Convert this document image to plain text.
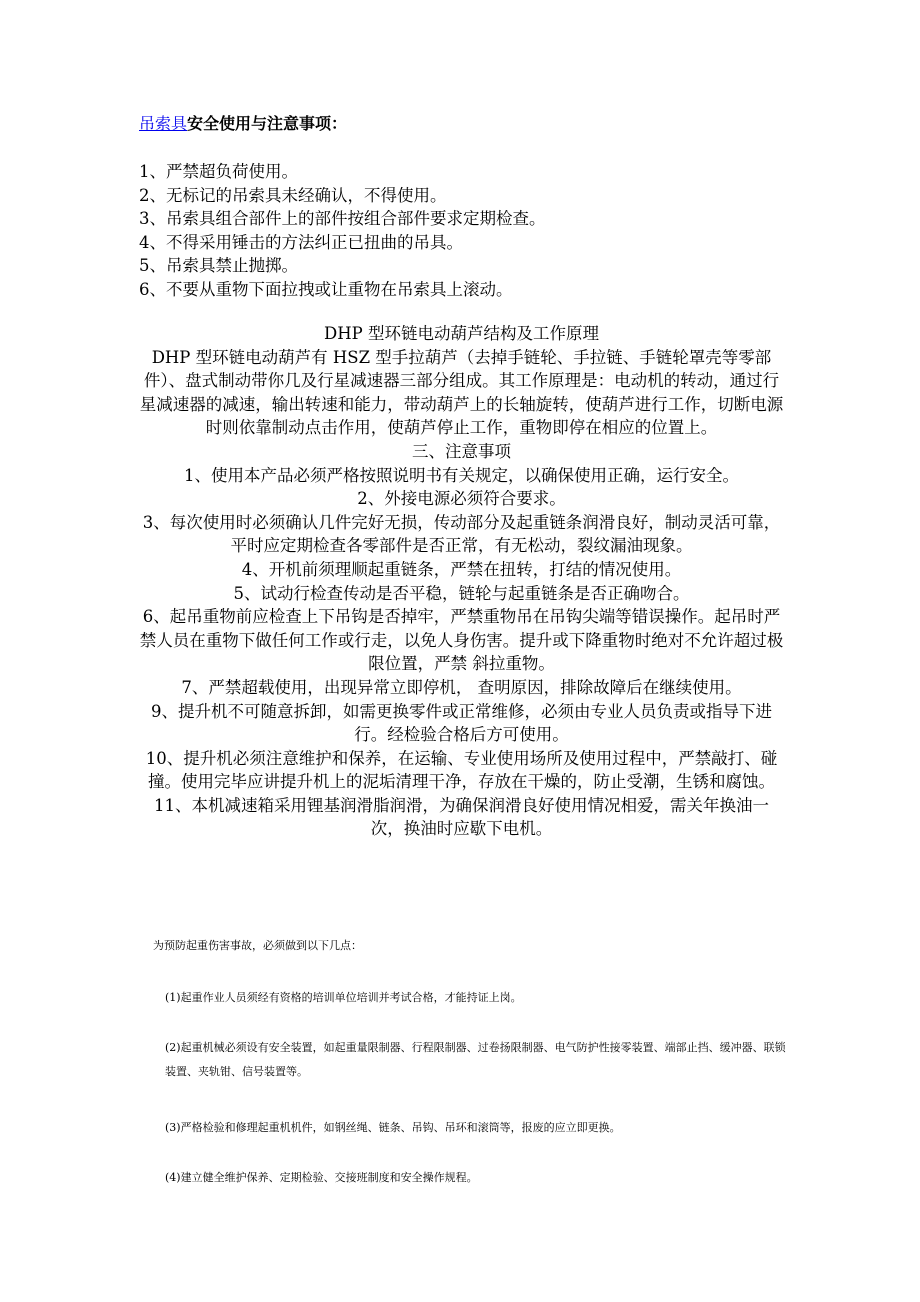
吊索具安全使用与注意事项：
1、严禁超负荷使用。
2、无标记的吊索具未经确认，不得使用。
3、吊索具组合部件上的部件按组合部件要求定期检查。
4、不得采用锤击的方法纠正已扭曲的吊具。
5、吊索具禁止抛掷。
6、不要从重物下面拉拽或让重物在吊索具上滚动。
DHP 型环链电动葫芦结构及工作原理
DHP 型环链电动葫芦有 HSZ 型手拉葫芦（去掉手链轮、手拉链、手链轮罩壳等零部件）、盘式制动带你几及行星减速器三部分组成。其工作原理是：电动机的转动，通过行星减速器的减速，输出转速和能力，带动葫芦上的长轴旋转，使葫芦进行工作，切断电源时则依靠制动点击作用，使葫芦停止工作，重物即停在相应的位置上。
三、注意事项
1、使用本产品必须严格按照说明书有关规定，以确保使用正确，运行安全。
2、外接电源必须符合要求。
3、每次使用时必须确认几件完好无损，传动部分及起重链条润滑良好，制动灵活可靠，平时应定期检查各零部件是否正常，有无松动，裂纹漏油现象。
4、开机前须理顺起重链条，严禁在扭转，打结的情况使用。
5、试动行检查传动是否平稳，链轮与起重链条是否正确吻合。
6、起吊重物前应检查上下吊钩是否掉牢，严禁重物吊在吊钩尖端等错误操作。起吊时严禁人员在重物下做任何工作或行走，以免人身伤害。提升或下降重物时绝对不允许超过极限位置，严禁 斜拉重物。
7、严禁超载使用，出现异常立即停机， 查明原因，排除故障后在继续使用。
9、提升机不可随意拆卸，如需更换零件或正常维修，必须由专业人员负责或指导下进行。经检验合格后方可使用。
10、提升机必须注意维护和保养，在运输、专业使用场所及使用过程中，严禁敲打、碰撞。使用完毕应讲提升机上的泥垢清理干净，存放在干燥的，防止受潮，生锈和腐蚀。
11、本机减速箱采用锂基润滑脂润滑，为确保润滑良好使用情况相爱，需关年换油一次，换油时应歇下电机。
为预防起重伤害事故，必须做到以下几点：
(1)起重作业人员须经有资格的培训单位培训并考试合格，才能持证上岗。
(2)起重机械必须设有安全装置，如起重量限制器、行程限制器、过卷扬限制器、电气防护性接零装置、端部止挡、缓冲器、联锁装置、夹轨钳、信号装置等。
(3)严格检验和修理起重机机件，如钢丝绳、链条、吊钩、吊环和滚筒等，报废的应立即更换。
(4)建立健全维护保养、定期检验、交接班制度和安全操作规程。
